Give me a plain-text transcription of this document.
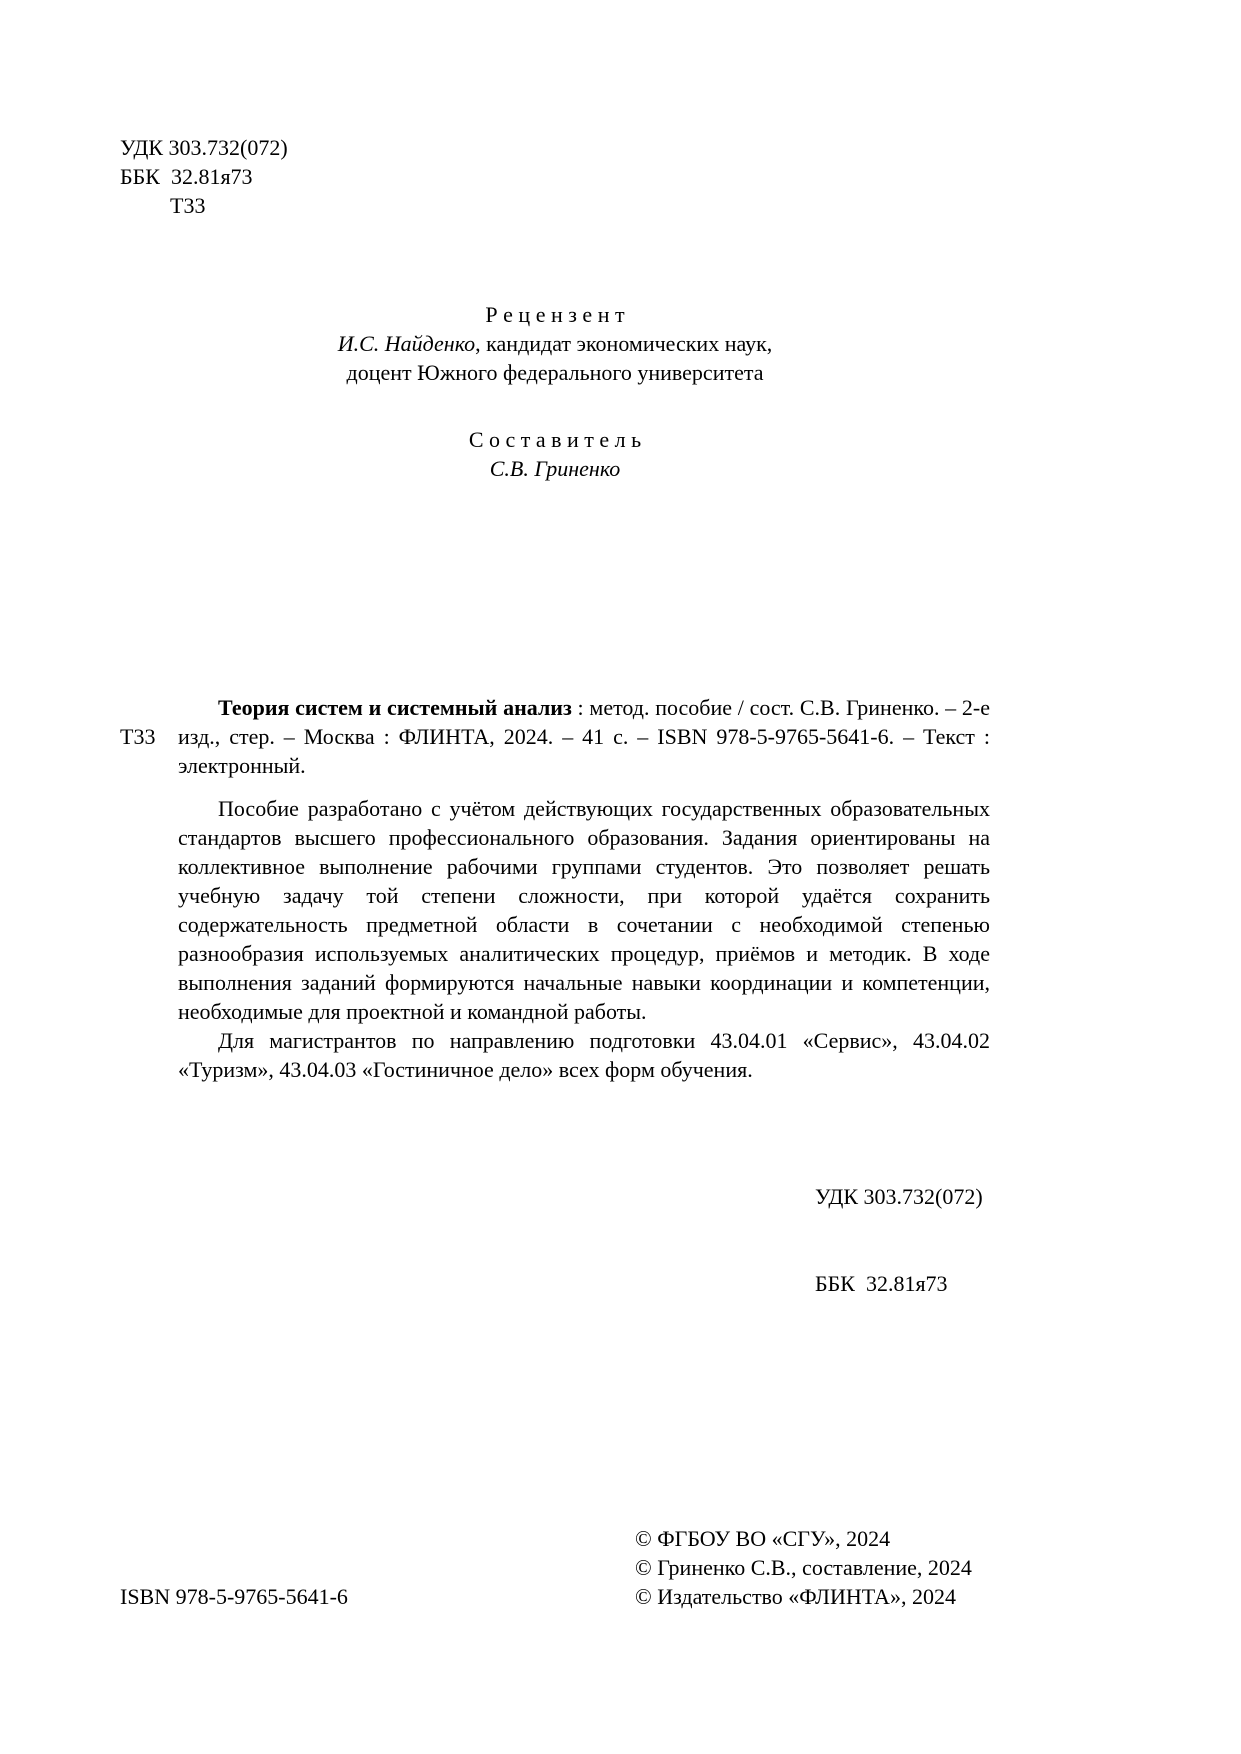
УДК 303.732(072)
ББК  32.81я73
Т33
Р е ц е н з е н т
И.С. Найденко, кандидат экономических наук,
доцент Южного федерального университета
С о с т а в и т е л ь
С.В. Гриненко
Т33
Теория систем и системный анализ : метод. пособие / сост. С.В. Гриненко. – 2-е изд., стер. – Москва : ФЛИНТА, 2024. – 41 с. – ISBN 978-5-9765-5641-6. – Текст : электронный.

Пособие разработано с учётом действующих государственных образовательных стандартов высшего профессионального образования. Задания ориентированы на коллективное выполнение рабочими группами студентов. Это позволяет решать учебную задачу той степени сложности, при которой удаётся сохранить содержательность предметной области в сочетании с необходимой степенью разнообразия используемых аналитических процедур, приёмов и методик. В ходе выполнения заданий формируются начальные навыки координации и компетенции, необходимые для проектной и командной работы.

Для магистрантов по направлению подготовки 43.04.01 «Сервис», 43.04.02 «Туризм», 43.04.03 «Гостиничное дело» всех форм обучения.

УДК 303.732(072)

ББК  32.81я73

© ФГБОУ ВО «СГУ», 2024
© Гриненко С.В., составление, 2024
© Издательство «ФЛИНТА», 2024
ISBN 978-5-9765-5641-6
